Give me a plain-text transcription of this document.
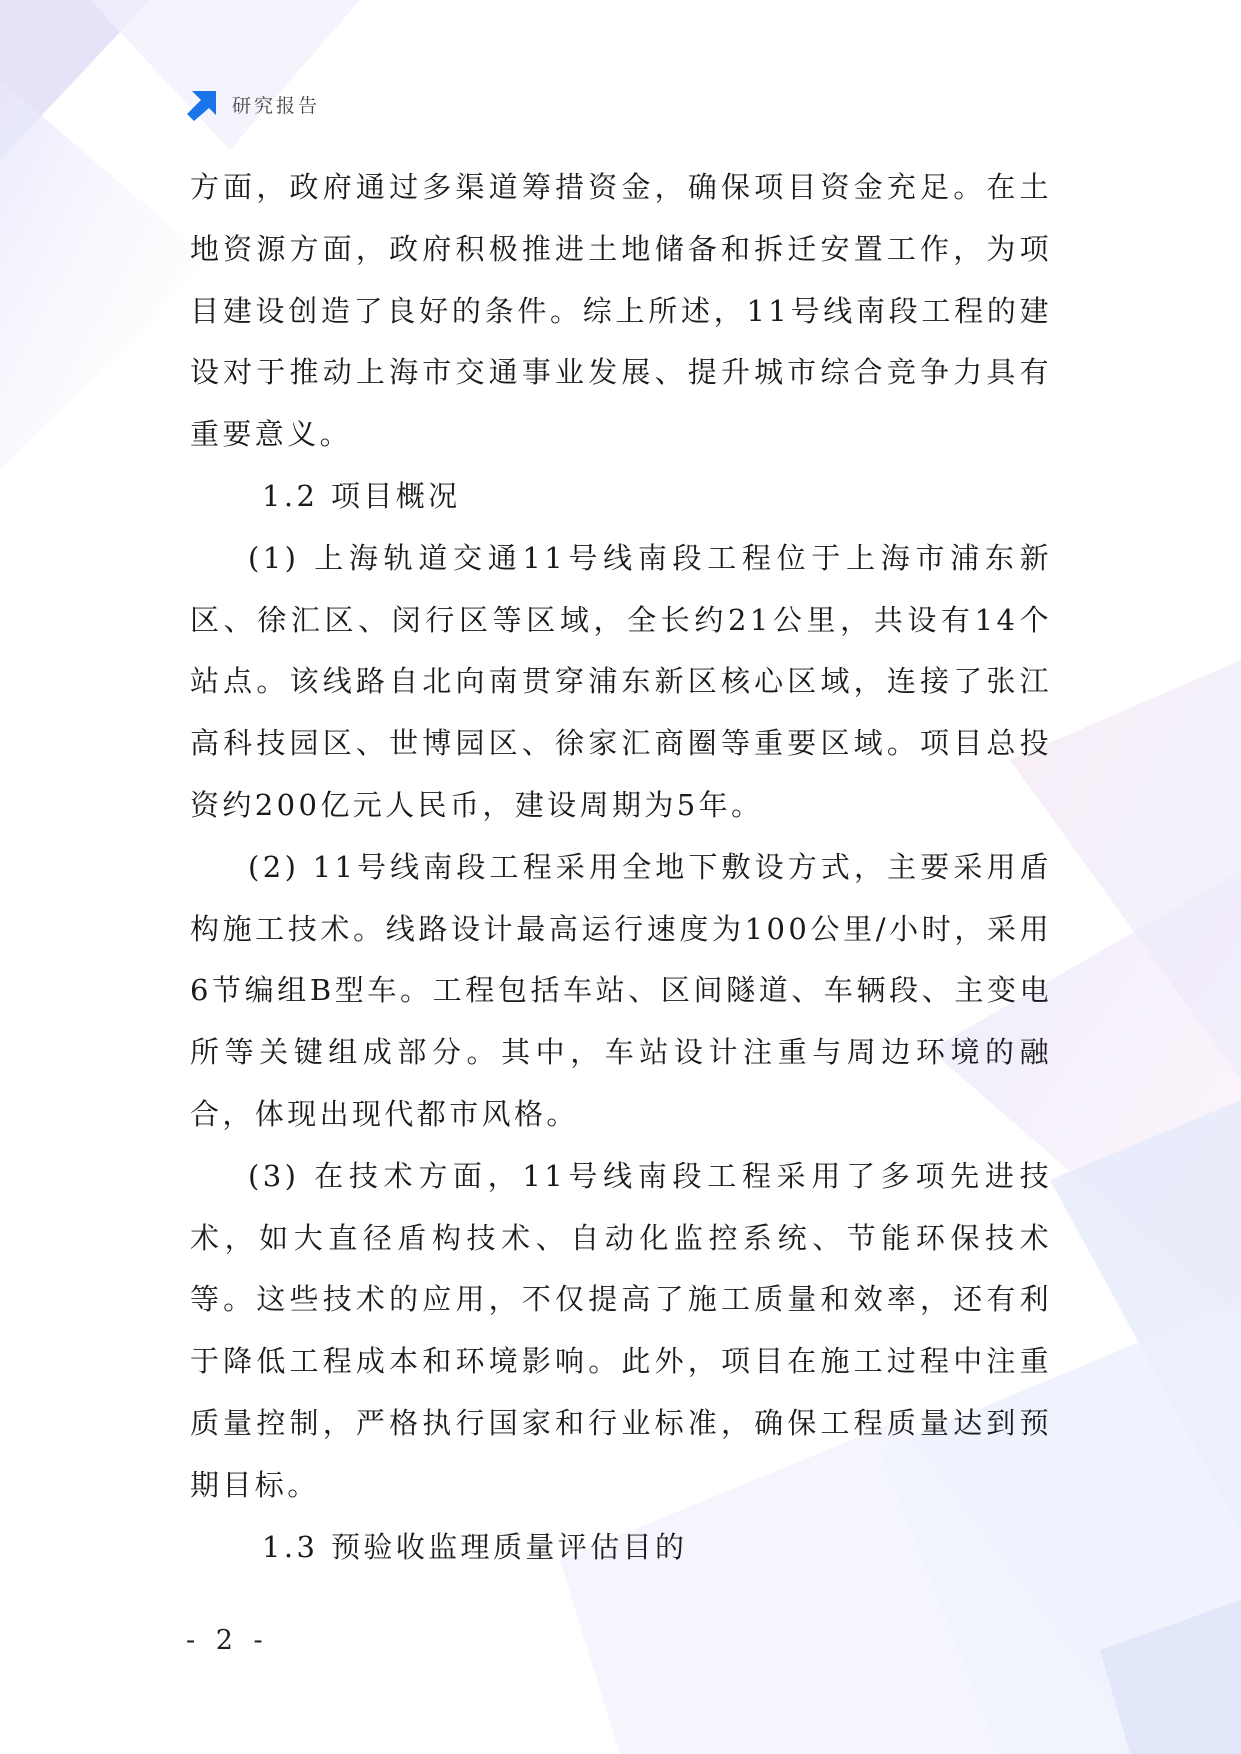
研究报告

方面，政府通过多渠道筹措资金，确保项目资金充足。在土地资源方面，政府积极推进土地储备和拆迁安置工作，为项目建设创造了良好的条件。综上所述，11号线南段工程的建设对于推动上海市交通事业发展、提升城市综合竞争力具有重要意义。

1.2 项目概况

(1) 上海轨道交通11号线南段工程位于上海市浦东新区、徐汇区、闵行区等区域，全长约21公里，共设有14个站点。该线路自北向南贯穿浦东新区核心区域，连接了张江高科技园区、世博园区、徐家汇商圈等重要区域。项目总投资约200亿元人民币，建设周期为5年。

(2) 11号线南段工程采用全地下敷设方式，主要采用盾构施工技术。线路设计最高运行速度为100公里/小时，采用6节编组B型车。工程包括车站、区间隧道、车辆段、主变电所等关键组成部分。其中，车站设计注重与周边环境的融合，体现出现代都市风格。

(3) 在技术方面，11号线南段工程采用了多项先进技术，如大直径盾构技术、自动化监控系统、节能环保技术等。这些技术的应用，不仅提高了施工质量和效率，还有利于降低工程成本和环境影响。此外，项目在施工过程中注重质量控制，严格执行国家和行业标准，确保工程质量达到预期目标。

1.3 预验收监理质量评估目的

- 2 -
